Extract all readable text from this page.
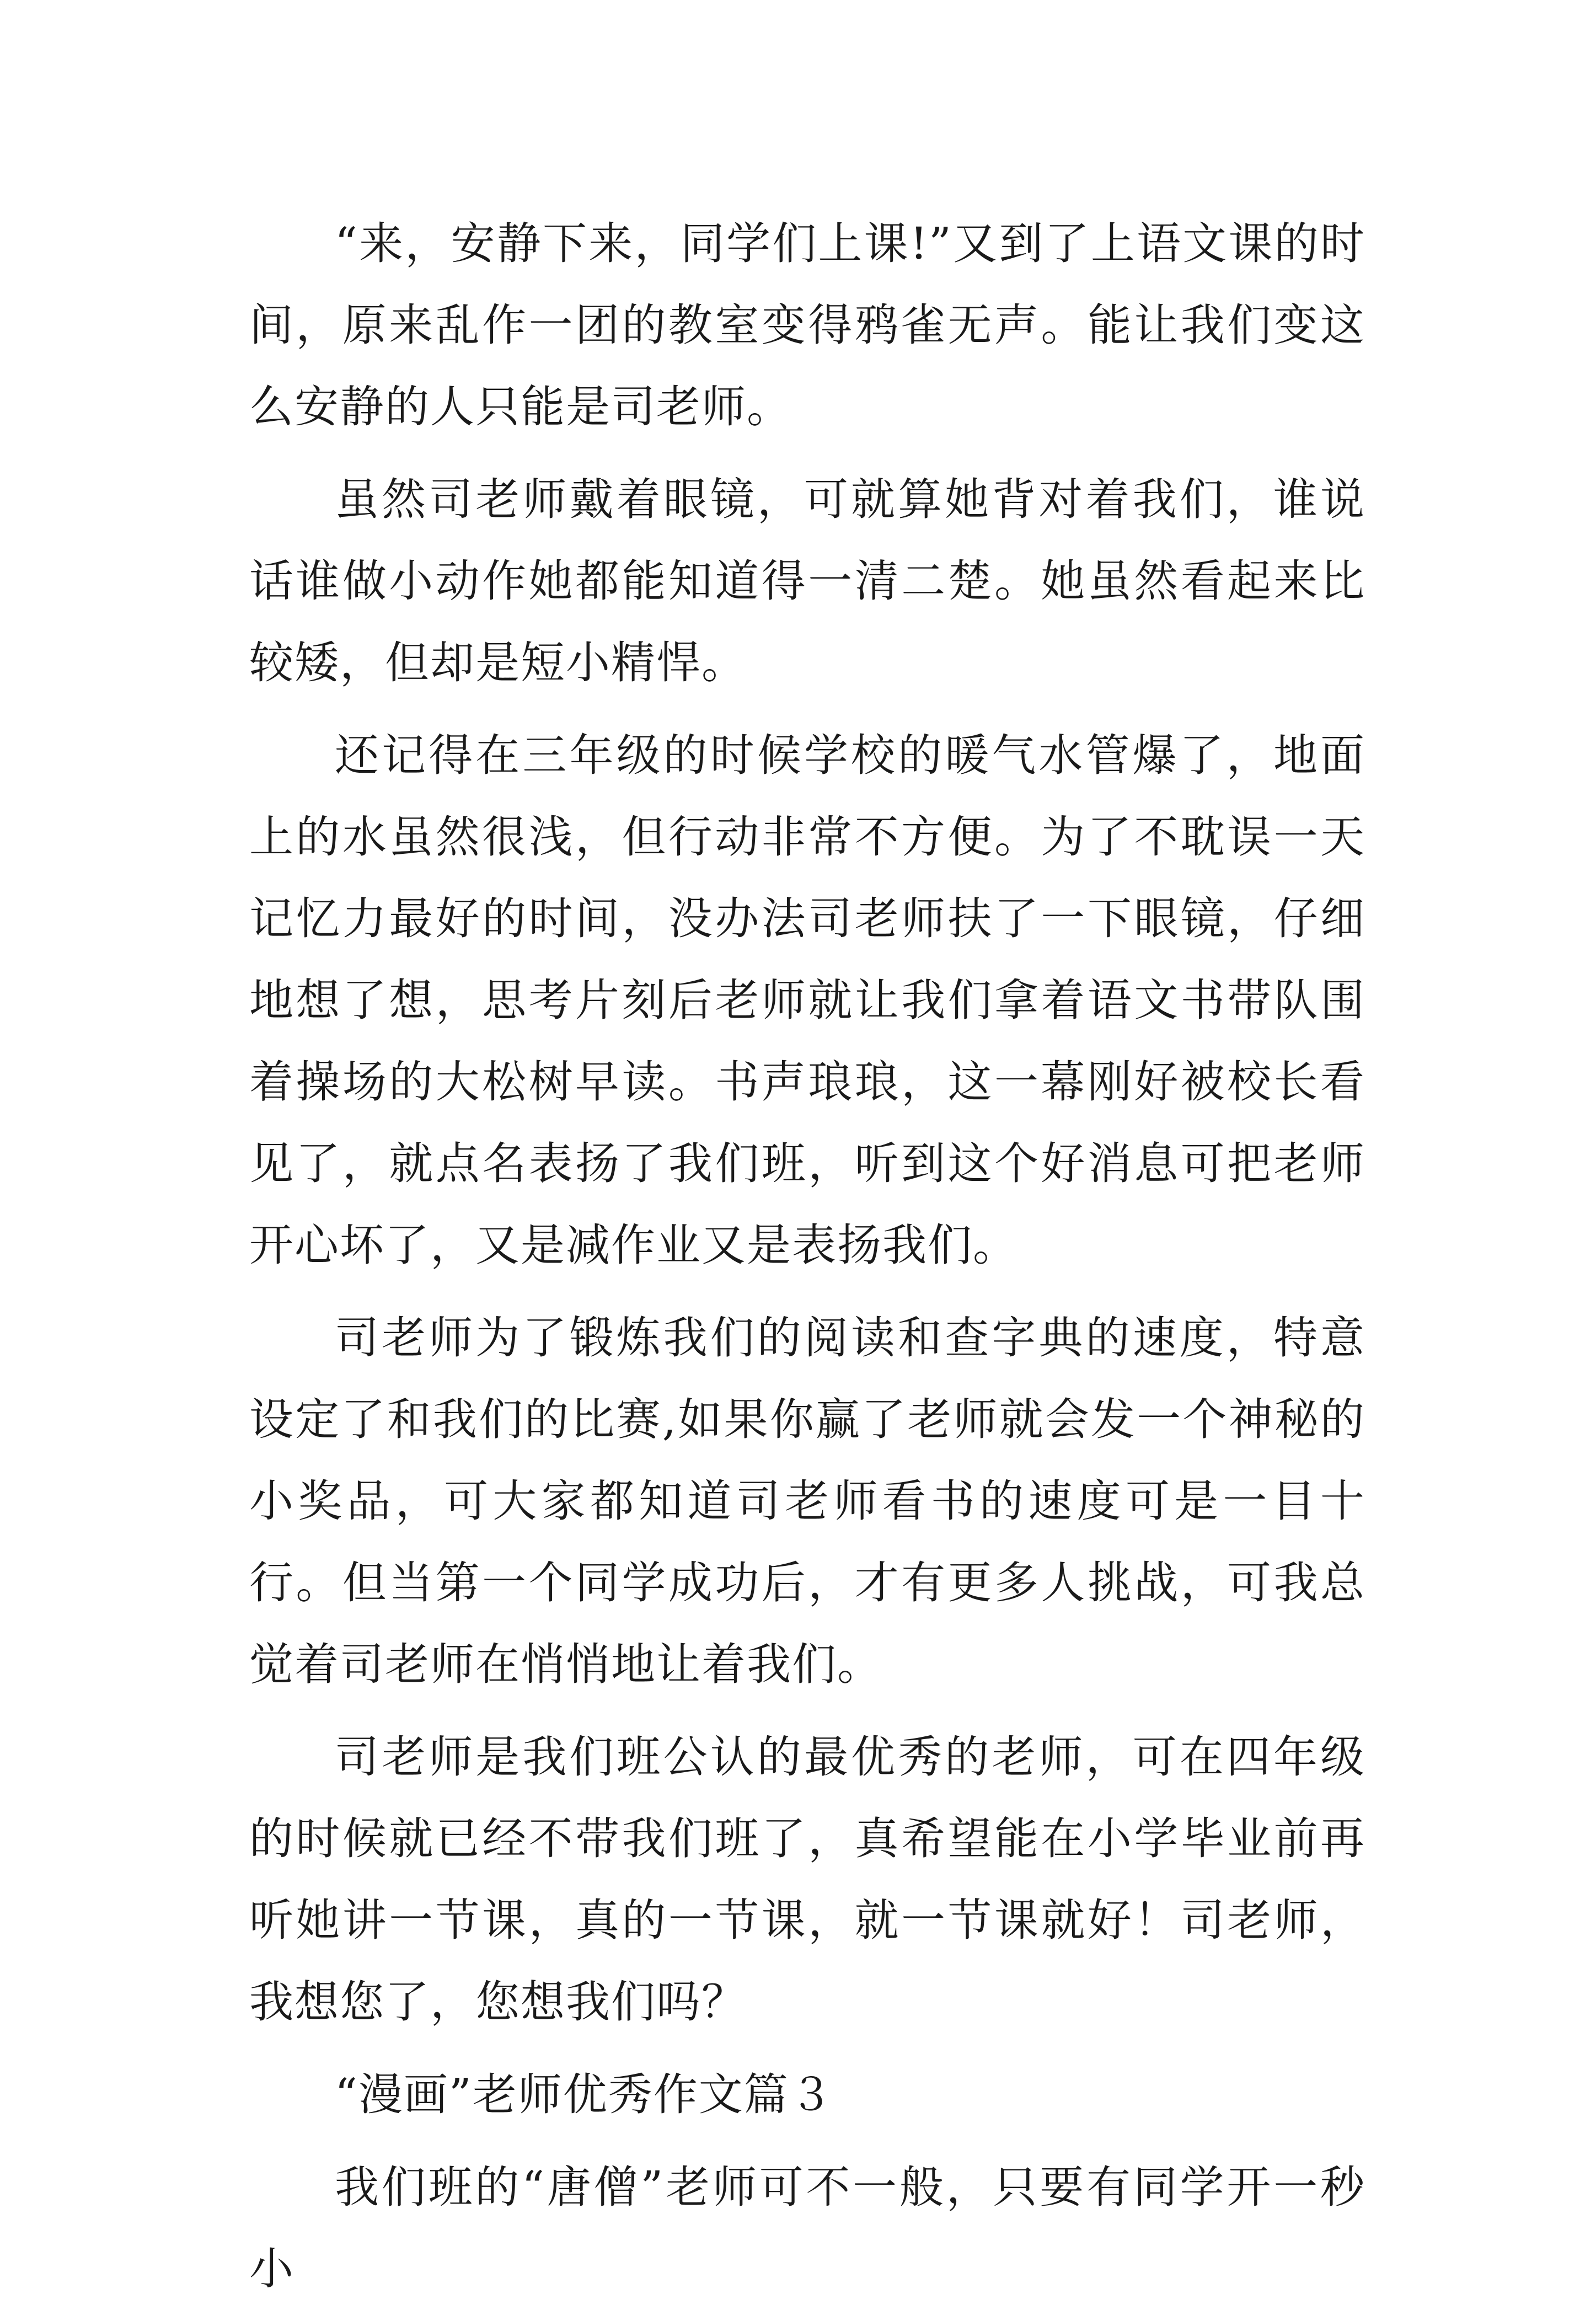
“来，安静下来，同学们上课!”又到了上语文课的时间，原来乱作一团的教室变得鸦雀无声。能让我们变这么安静的人只能是司老师。

虽然司老师戴着眼镜，可就算她背对着我们，谁说话谁做小动作她都能知道得一清二楚。她虽然看起来比较矮，但却是短小精悍。

还记得在三年级的时候学校的暖气水管爆了，地面上的水虽然很浅，但行动非常不方便。为了不耽误一天记忆力最好的时间，没办法司老师扶了一下眼镜，仔细地想了想，思考片刻后老师就让我们拿着语文书带队围着操场的大松树早读。书声琅琅，这一幕刚好被校长看见了，就点名表扬了我们班，听到这个好消息可把老师开心坏了，又是减作业又是表扬我们。

司老师为了锻炼我们的阅读和查字典的速度，特意设定了和我们的比赛,如果你赢了老师就会发一个神秘的小奖品，可大家都知道司老师看书的速度可是一目十行。但当第一个同学成功后，才有更多人挑战，可我总觉着司老师在悄悄地让着我们。

司老师是我们班公认的最优秀的老师，可在四年级的时候就已经不带我们班了，真希望能在小学毕业前再听她讲一节课，真的一节课，就一节课就好！司老师，我想您了，您想我们吗？

“漫画”老师优秀作文篇３

我们班的“唐僧”老师可不一般，只要有同学开一秒小
